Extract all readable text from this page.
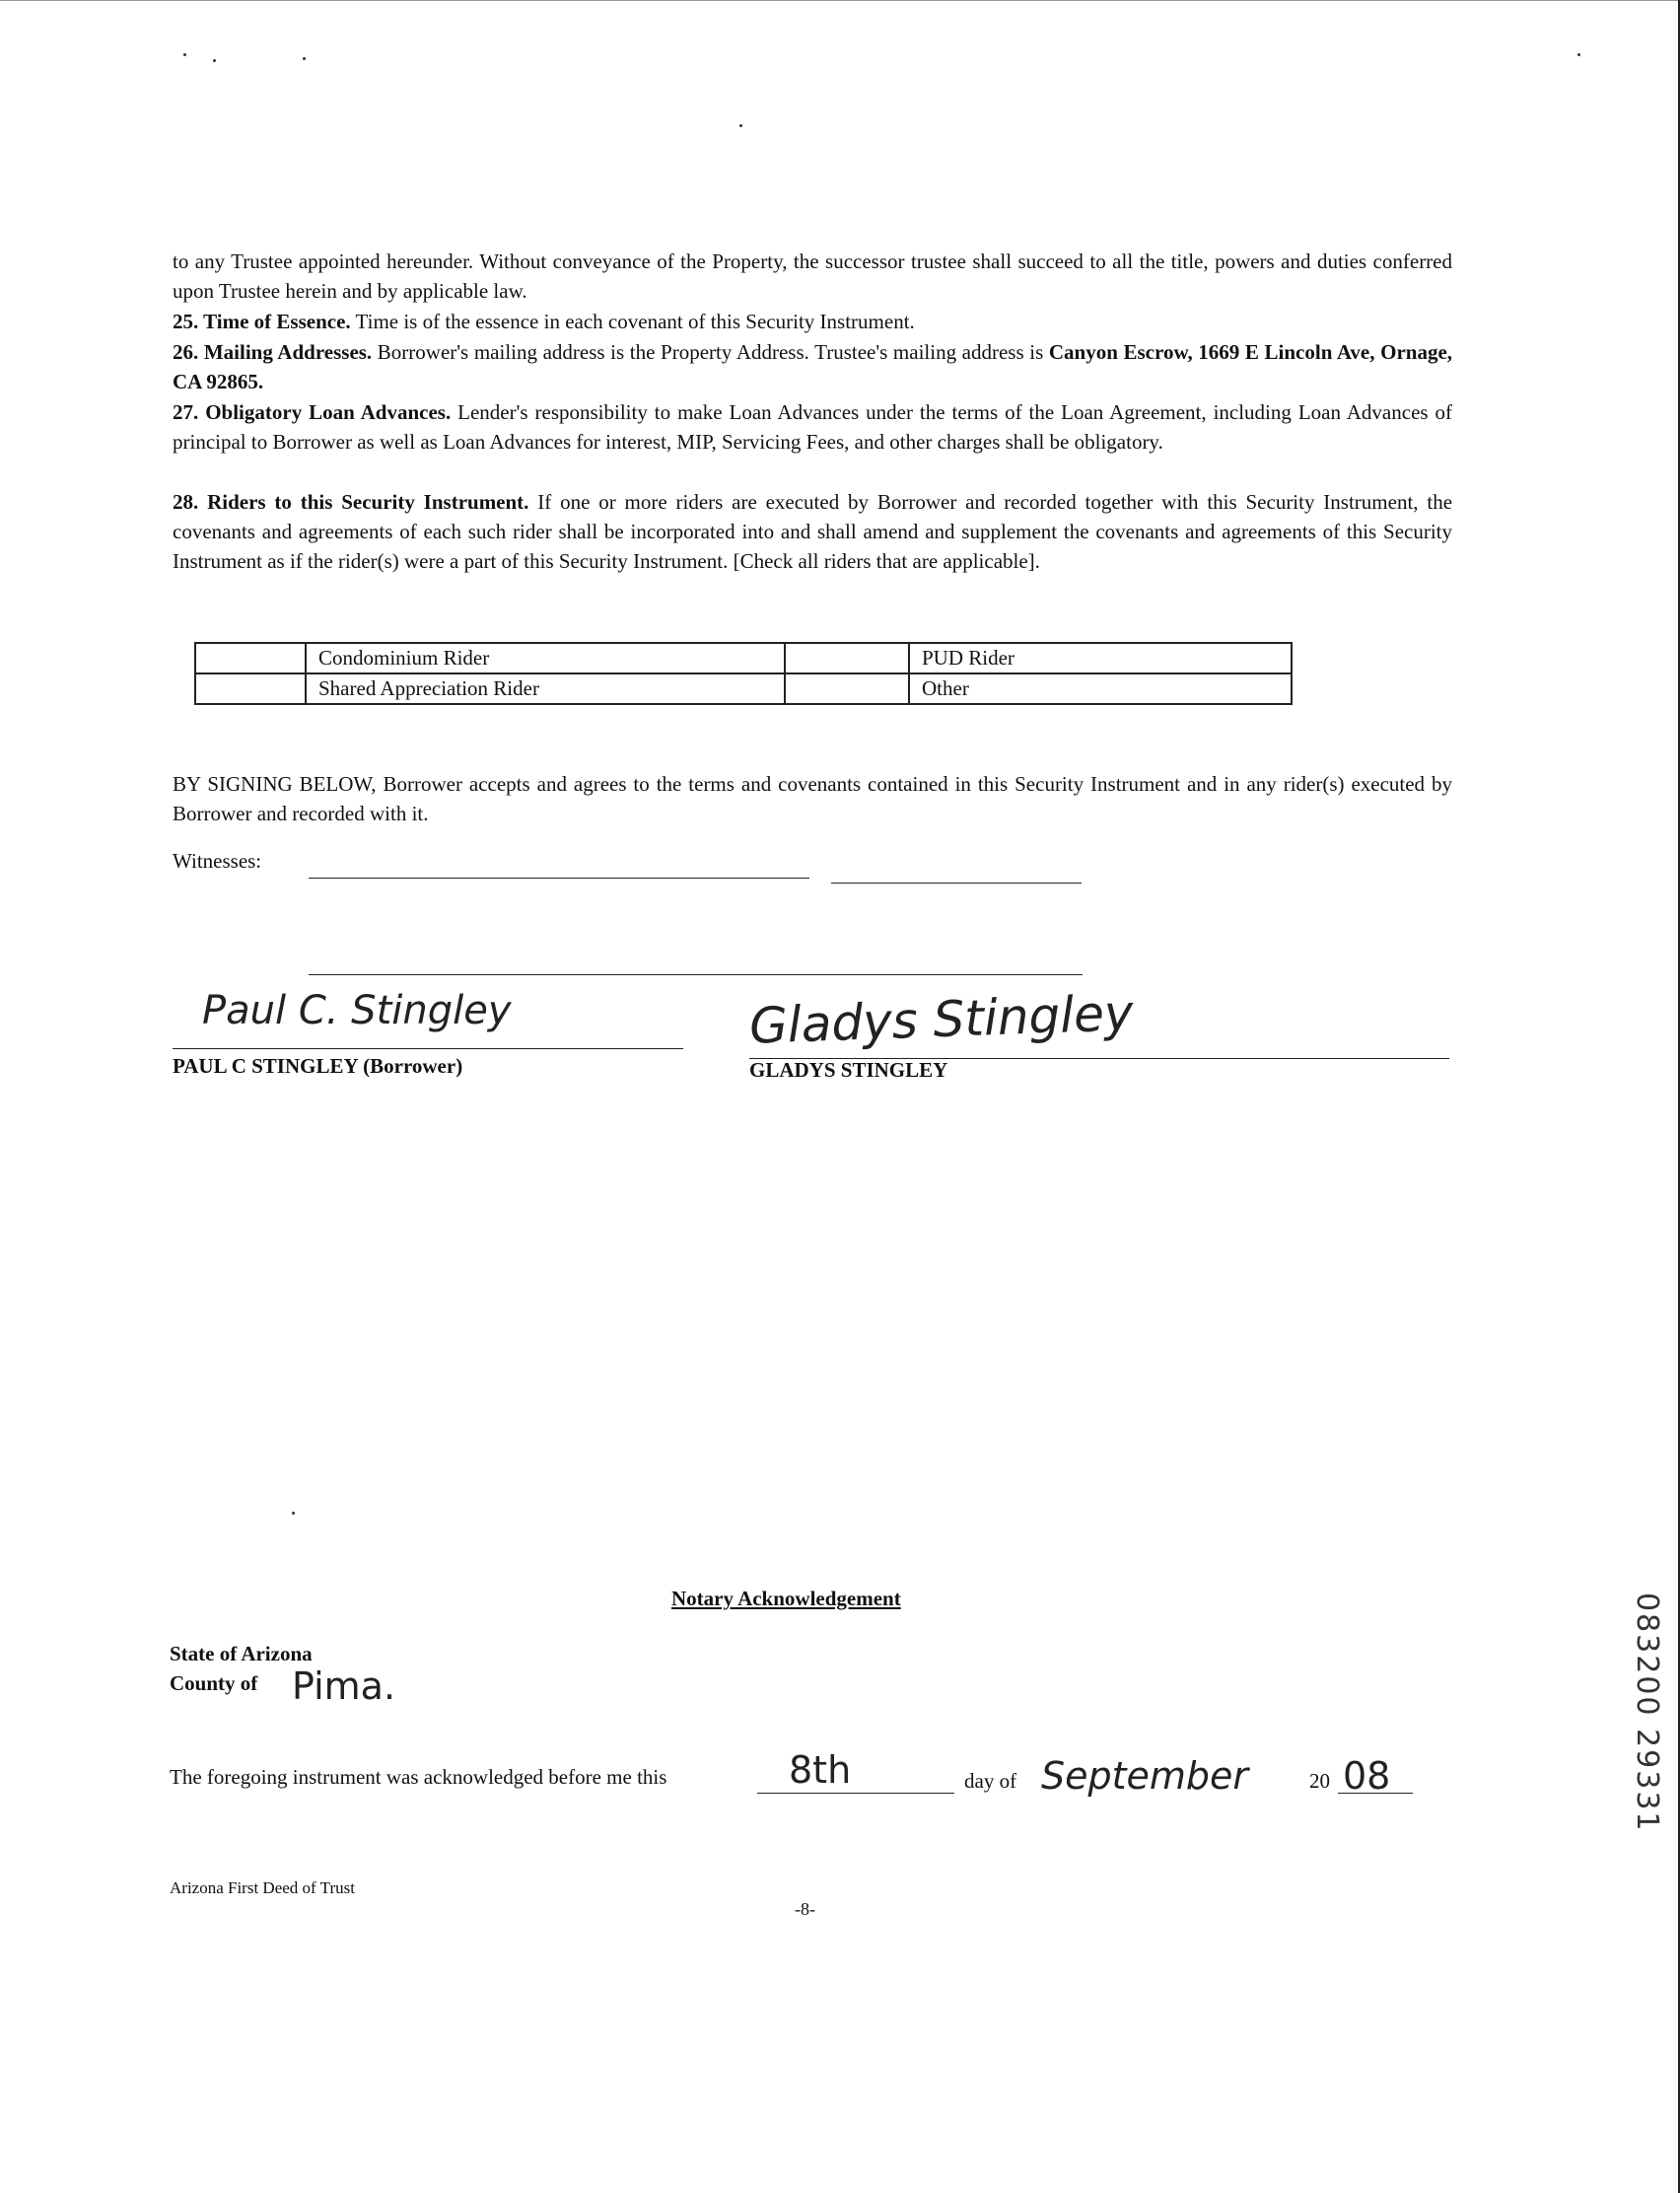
to any Trustee appointed hereunder. Without conveyance of the Property, the successor trustee shall succeed to all the title, powers and duties conferred upon Trustee herein and by applicable law.
25. Time of Essence. Time is of the essence in each covenant of this Security Instrument.
26. Mailing Addresses. Borrower's mailing address is the Property Address. Trustee's mailing address is Canyon Escrow, 1669 E Lincoln Ave, Ornage, CA 92865.
27. Obligatory Loan Advances. Lender's responsibility to make Loan Advances under the terms of the Loan Agreement, including Loan Advances of principal to Borrower as well as Loan Advances for interest, MIP, Servicing Fees, and other charges shall be obligatory.
28. Riders to this Security Instrument. If one or more riders are executed by Borrower and recorded together with this Security Instrument, the covenants and agreements of each such rider shall be incorporated into and shall amend and supplement the covenants and agreements of this Security Instrument as if the rider(s) were a part of this Security Instrument. [Check all riders that are applicable].
	Condominium Rider		PUD Rider
	Shared Appreciation Rider		Other
BY SIGNING BELOW, Borrower accepts and agrees to the terms and covenants contained in this Security Instrument and in any rider(s) executed by Borrower and recorded with it.
Witnesses:
Paul C. Stingley
PAUL C STINGLEY (Borrower)
Gladys Stingley
GLADYS STINGLEY
Notary Acknowledgement
State of Arizona
County of Pima.
The foregoing instrument was acknowledged before me this	8th	day of September	20 08
Arizona First Deed of Trust
-8-
083200 29331
